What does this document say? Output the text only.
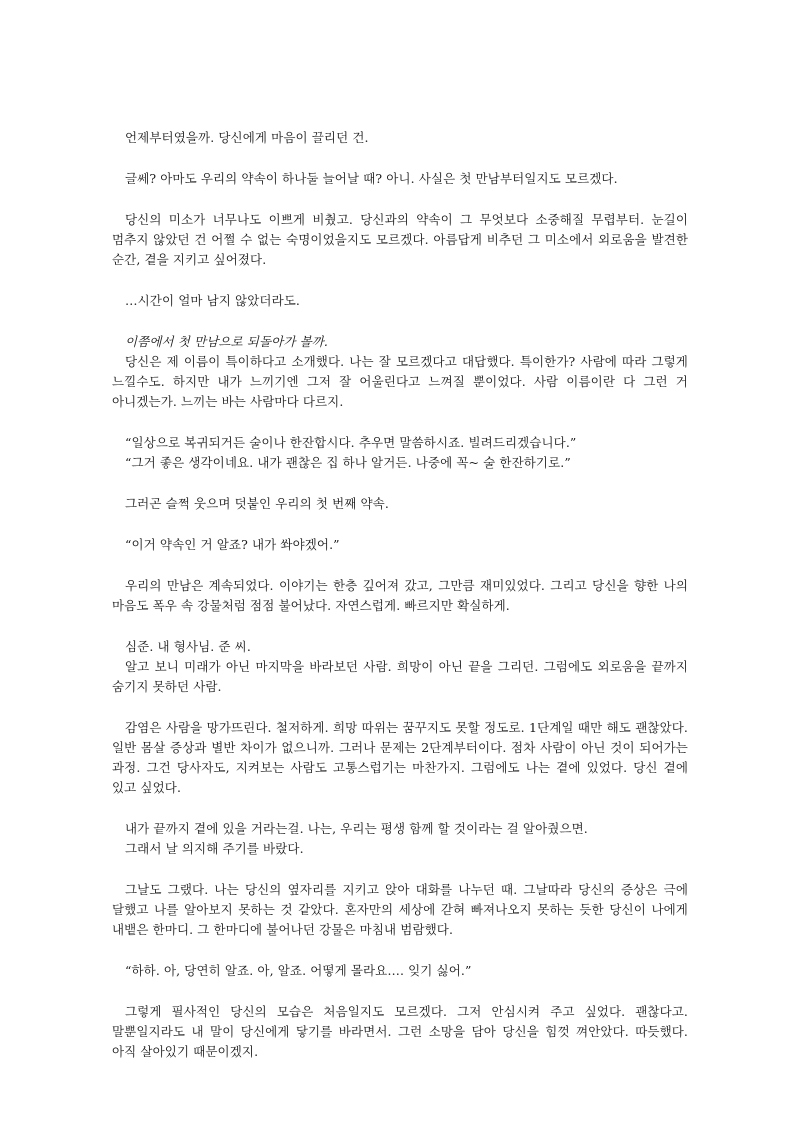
언제부터였을까. 당신에게 마음이 끌리던 건.

글쎄? 아마도 우리의 약속이 하나둘 늘어날 때? 아니. 사실은 첫 만남부터일지도 모르겠다.

당신의 미소가 너무나도 이쁘게 비췄고. 당신과의 약속이 그 무엇보다 소중해질 무렵부터. 눈길이 멈추지 않았던 건 어쩔 수 없는 숙명이었을지도 모르겠다. 아름답게 비추던 그 미소에서 외로움을 발견한 순간, 곁을 지키고 싶어졌다.

…시간이 얼마 남지 않았더라도.

이쯤에서 첫 만남으로 되돌아가 볼까.

당신은 제 이름이 특이하다고 소개했다. 나는 잘 모르겠다고 대답했다. 특이한가? 사람에 따라 그렇게 느낄수도. 하지만 내가 느끼기엔 그저 잘 어울린다고 느껴질 뿐이었다. 사람 이름이란 다 그런 거 아니겠는가. 느끼는 바는 사람마다 다르지.

“일상으로 복귀되거든 술이나 한잔합시다. 추우면 말씀하시죠. 빌려드리겠습니다.”

“그거 좋은 생각이네요. 내가 괜찮은 집 하나 알거든. 나중에 꼭~ 술 한잔하기로.”

그러곤 슬쩍 웃으며 덧붙인 우리의 첫 번째 약속.

“이거 약속인 거 알죠? 내가 쏴야겠어.”

우리의 만남은 계속되었다. 이야기는 한층 깊어져 갔고, 그만큼 재미있었다. 그리고 당신을 향한 나의 마음도 폭우 속 강물처럼 점점 불어났다. 자연스럽게. 빠르지만 확실하게.

심준. 내 형사님. 준 씨.

알고 보니 미래가 아닌 마지막을 바라보던 사람. 희망이 아닌 끝을 그리던. 그럼에도 외로움을 끝까지 숨기지 못하던 사람.

감염은 사람을 망가뜨린다. 철저하게. 희망 따위는 꿈꾸지도 못할 정도로. 1단계일 때만 해도 괜찮았다. 일반 몸살 증상과 별반 차이가 없으니까. 그러나 문제는 2단계부터이다. 점차 사람이 아닌 것이 되어가는 과정. 그건 당사자도, 지켜보는 사람도 고통스럽기는 마찬가지. 그럼에도 나는 곁에 있었다. 당신 곁에 있고 싶었다.

내가 끝까지 곁에 있을 거라는걸. 나는, 우리는 평생 함께 할 것이라는 걸 알아줬으면.

그래서 날 의지해 주기를 바랐다.

그날도 그랬다. 나는 당신의 옆자리를 지키고 앉아 대화를 나누던 때. 그날따라 당신의 증상은 극에 달했고 나를 알아보지 못하는 것 같았다. 혼자만의 세상에 갇혀 빠져나오지 못하는 듯한 당신이 나에게 내뱉은 한마디. 그 한마디에 불어나던 강물은 마침내 범람했다.

“하하. 아, 당연히 알죠. 아, 알죠. 어떻게 몰라요…. 잊기 싫어.”

그렇게 필사적인 당신의 모습은 처음일지도 모르겠다. 그저 안심시켜 주고 싶었다. 괜찮다고. 말뿐일지라도 내 말이 당신에게 닿기를 바라면서. 그런 소망을 담아 당신을 힘껏 껴안았다. 따듯했다. 아직 살아있기 때문이겠지.
